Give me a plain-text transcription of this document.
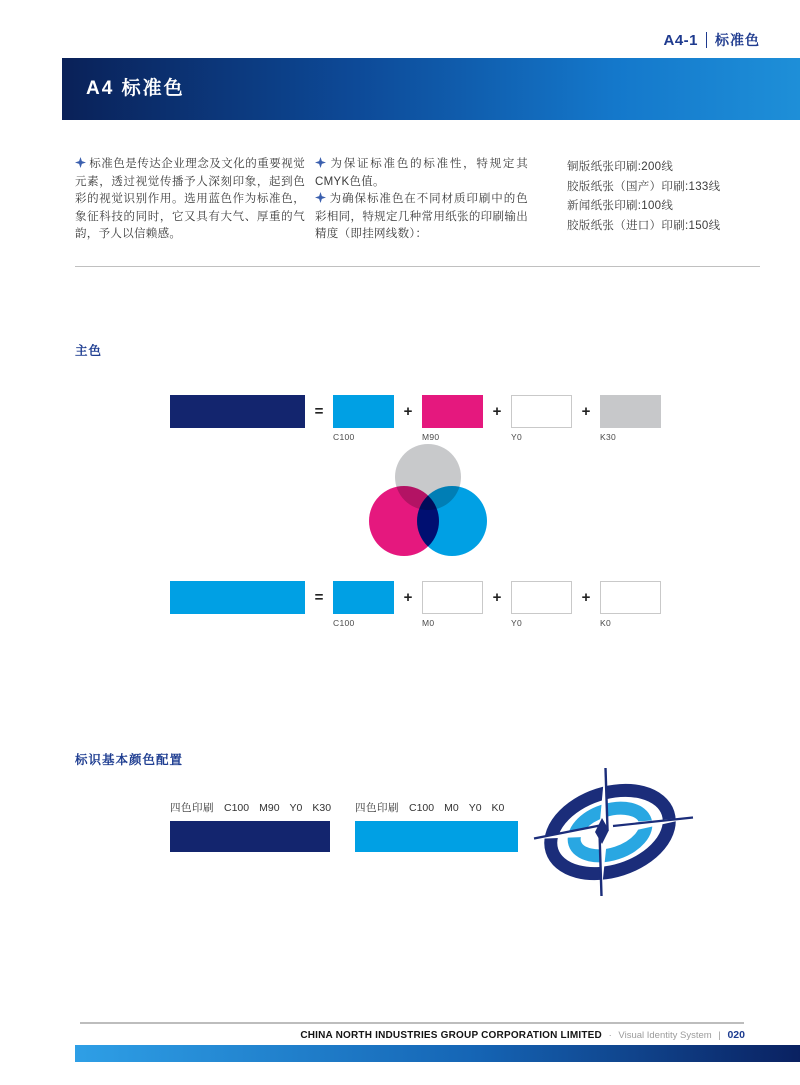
A4-1 标准色
A4 标准色

标准色是传达企业理念及文化的重要视觉元素，透过视觉传播予人深刻印象，起到色彩的视觉识别作用。选用蓝色作为标准色，象征科技的同时，它又具有大气、厚重的气韵，予人以信赖感。

为保证标准色的标准性，特规定其CMYK色值。

为确保标准色在不同材质印刷中的色彩相同，特规定几种常用纸张的印刷输出精度（即挂网线数）：

铜版纸张印刷:200线
胶版纸张（国产）印刷:133线
新闻纸张印刷:100线
胶版纸张（进口）印刷:150线
主色
=
C100
+
M90
+
Y0
+
K30
=
C100
+
M0
+
Y0
+
K0
标识基本颜色配置
四色印刷 C100 M90 Y0 K30 四色印刷 C100 M0 Y0 K0
CHINA NORTH INDUSTRIES GROUP CORPORATION LIMITED · Visual Identity System | 020
